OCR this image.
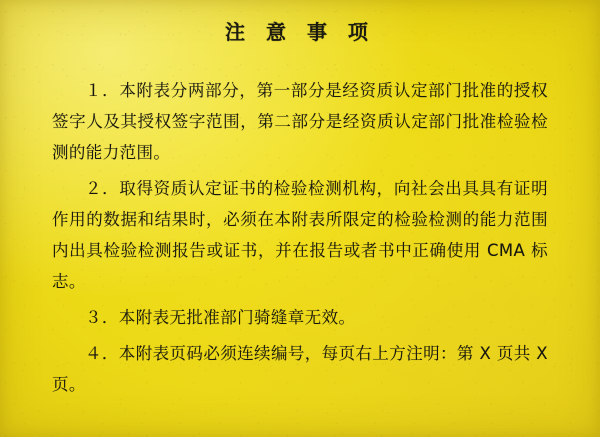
注 意 事 项

１．本附表分两部分，第一部分是经资质认定部门批准的授权签字人及其授权签字范围，第二部分是经资质认定部门批准检验检测的能力范围。

２．取得资质认定证书的检验检测机构，向社会出具具有证明作用的数据和结果时，必须在本附表所限定的检验检测的能力范围内出具检验检测报告或证书，并在报告或者书中正确使用 CMA 标志。

３．本附表无批准部门骑缝章无效。

４．本附表页码必须连续编号，每页右上方注明：第 X 页共 X 页。
